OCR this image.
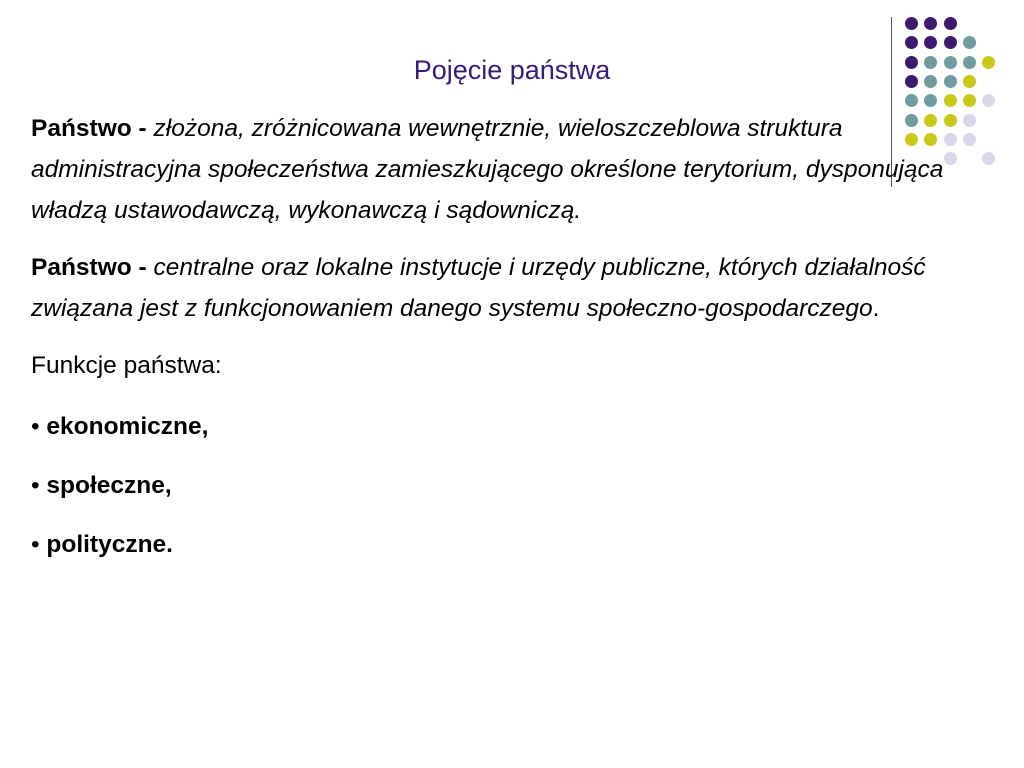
Pojęcie państwa

Państwo - złożona, zróżnicowana wewnętrznie, wieloszczeblowa struktura administracyjna społeczeństwa zamieszkującego określone terytorium, dysponująca władzą ustawodawczą, wykonawczą i sądowniczą.

Państwo - centralne oraz lokalne instytucje i urzędy publiczne, których działalność związana jest z funkcjonowaniem danego systemu społeczno-gospodarczego.

Funkcje państwa:

• ekonomiczne,
• społeczne,
• polityczne.
